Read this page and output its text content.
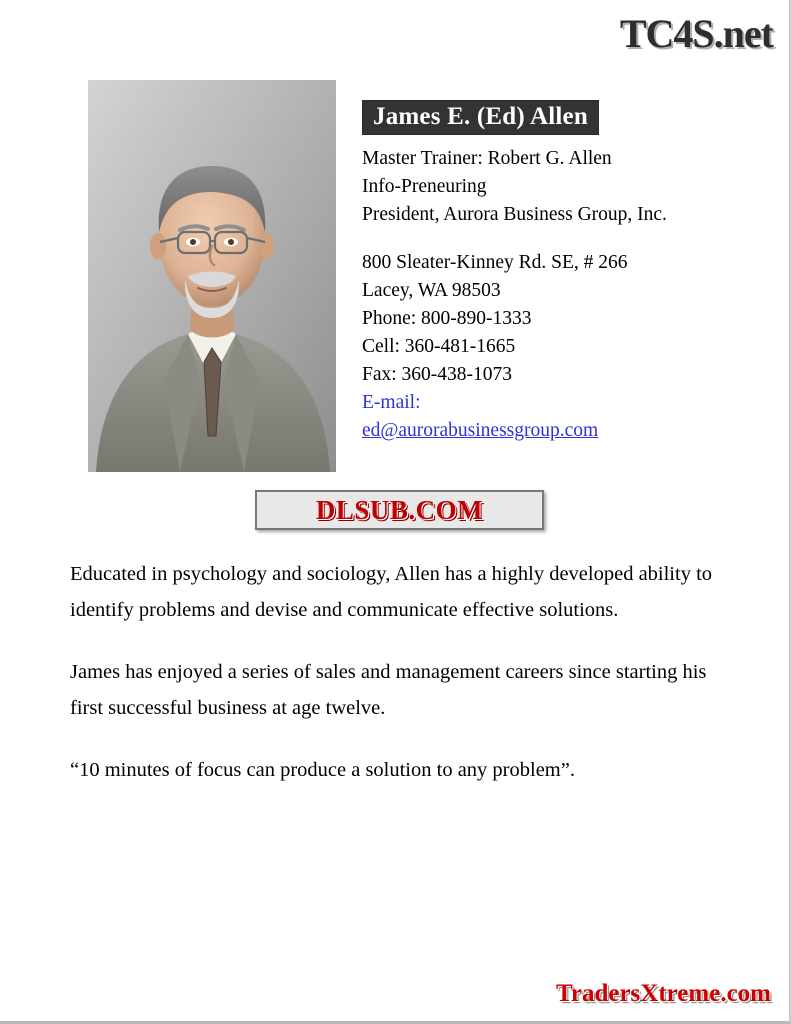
TC4S.net
James E. (Ed) Allen

Master Trainer: Robert G. Allen

Info-Preneuring

President, Aurora Business Group, Inc.

800 Sleater-Kinney Rd. SE, # 266

Lacey, WA 98503

Phone: 800-890-1333

Cell: 360-481-1665

Fax: 360-438-1073

E-mail:

ed@aurorabusinessgroup.com
DLSUB.COM

Educated in psychology and sociology, Allen has a highly developed ability to identify problems and devise and communicate effective solutions.

James has enjoyed a series of sales and management careers since starting his first successful business at age twelve.

“10 minutes of focus can produce a solution to any problem”.

TradersXtreme.com
